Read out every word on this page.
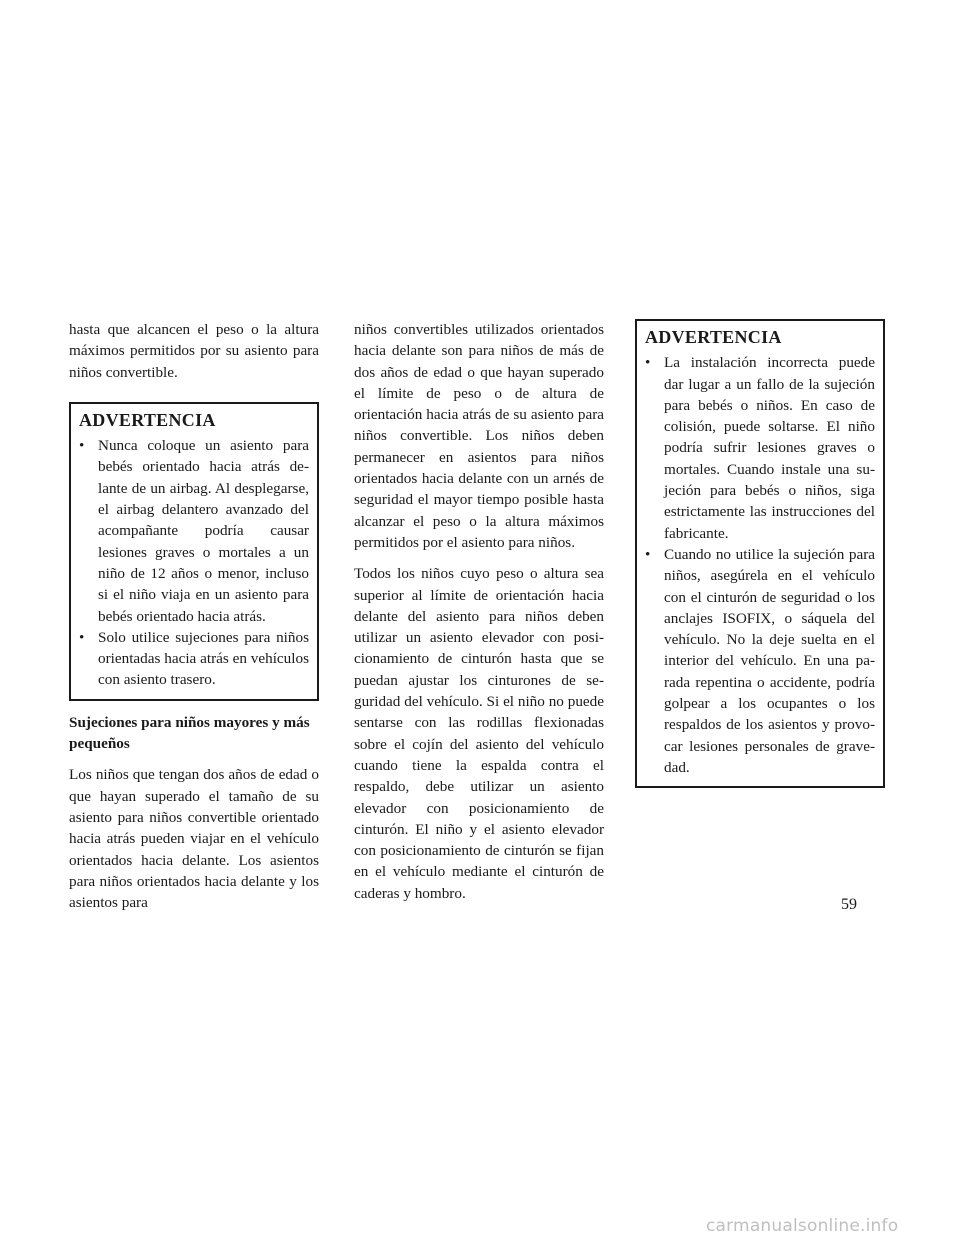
hasta que alcancen el peso o la altura máximos permitidos por su asiento para niños convertible.

ADVERTENCIA
• Nunca coloque un asiento para bebés orientado hacia atrás delante de un airbag. Al desplegarse, el airbag delantero avanzado del acompañante podría causar lesiones graves o mortales a un niño de 12 años o menor, incluso si el niño viaja en un asiento para bebés orientado hacia atrás.
• Solo utilice sujeciones para niños orientadas hacia atrás en vehículos con asiento trasero.
Sujeciones para niños mayores y más pequeños

Los niños que tengan dos años de edad o que hayan superado el tamaño de su asiento para niños convertible orientado hacia atrás pueden viajar en el vehículo orientados hacia delante. Los asientos para niños orientados hacia delante y los asientos para

niños convertibles utilizados orientados hacia delante son para niños de más de dos años de edad o que hayan superado el límite de peso o de altura de orientación hacia atrás de su asiento para niños convertible. Los niños deben permanecer en asientos para niños orientados hacia delante con un arnés de seguridad el mayor tiempo posible hasta alcanzar el peso o la altura máximos permitidos por el asiento para niños.

Todos los niños cuyo peso o altura sea superior al límite de orientación hacia delante del asiento para niños deben utilizar un asiento elevador con posicionamiento de cinturón hasta que se puedan ajustar los cinturones de seguridad del vehículo. Si el niño no puede sentarse con las rodillas flexionadas sobre el cojín del asiento del vehículo cuando tiene la espalda contra el respaldo, debe utilizar un asiento elevador con posicionamiento de cinturón. El niño y el asiento elevador con posicionamiento de cinturón se fijan en el vehículo mediante el cinturón de caderas y hombro.

ADVERTENCIA
• La instalación incorrecta puede dar lugar a un fallo de la sujeción para bebés o niños. En caso de colisión, puede soltarse. El niño podría sufrir lesiones graves o mortales. Cuando instale una sujeción para bebés o niños, siga estrictamente las instrucciones del fabricante.
• Cuando no utilice la sujeción para niños, asegúrela en el vehículo con el cinturón de seguridad o los anclajes ISOFIX, o sáquela del vehículo. No la deje suelta en el interior del vehículo. En una parada repentina o accidente, podría golpear a los ocupantes o los respaldos de los asientos y provocar lesiones personales de gravedad.
59
carmanualsonline.info
